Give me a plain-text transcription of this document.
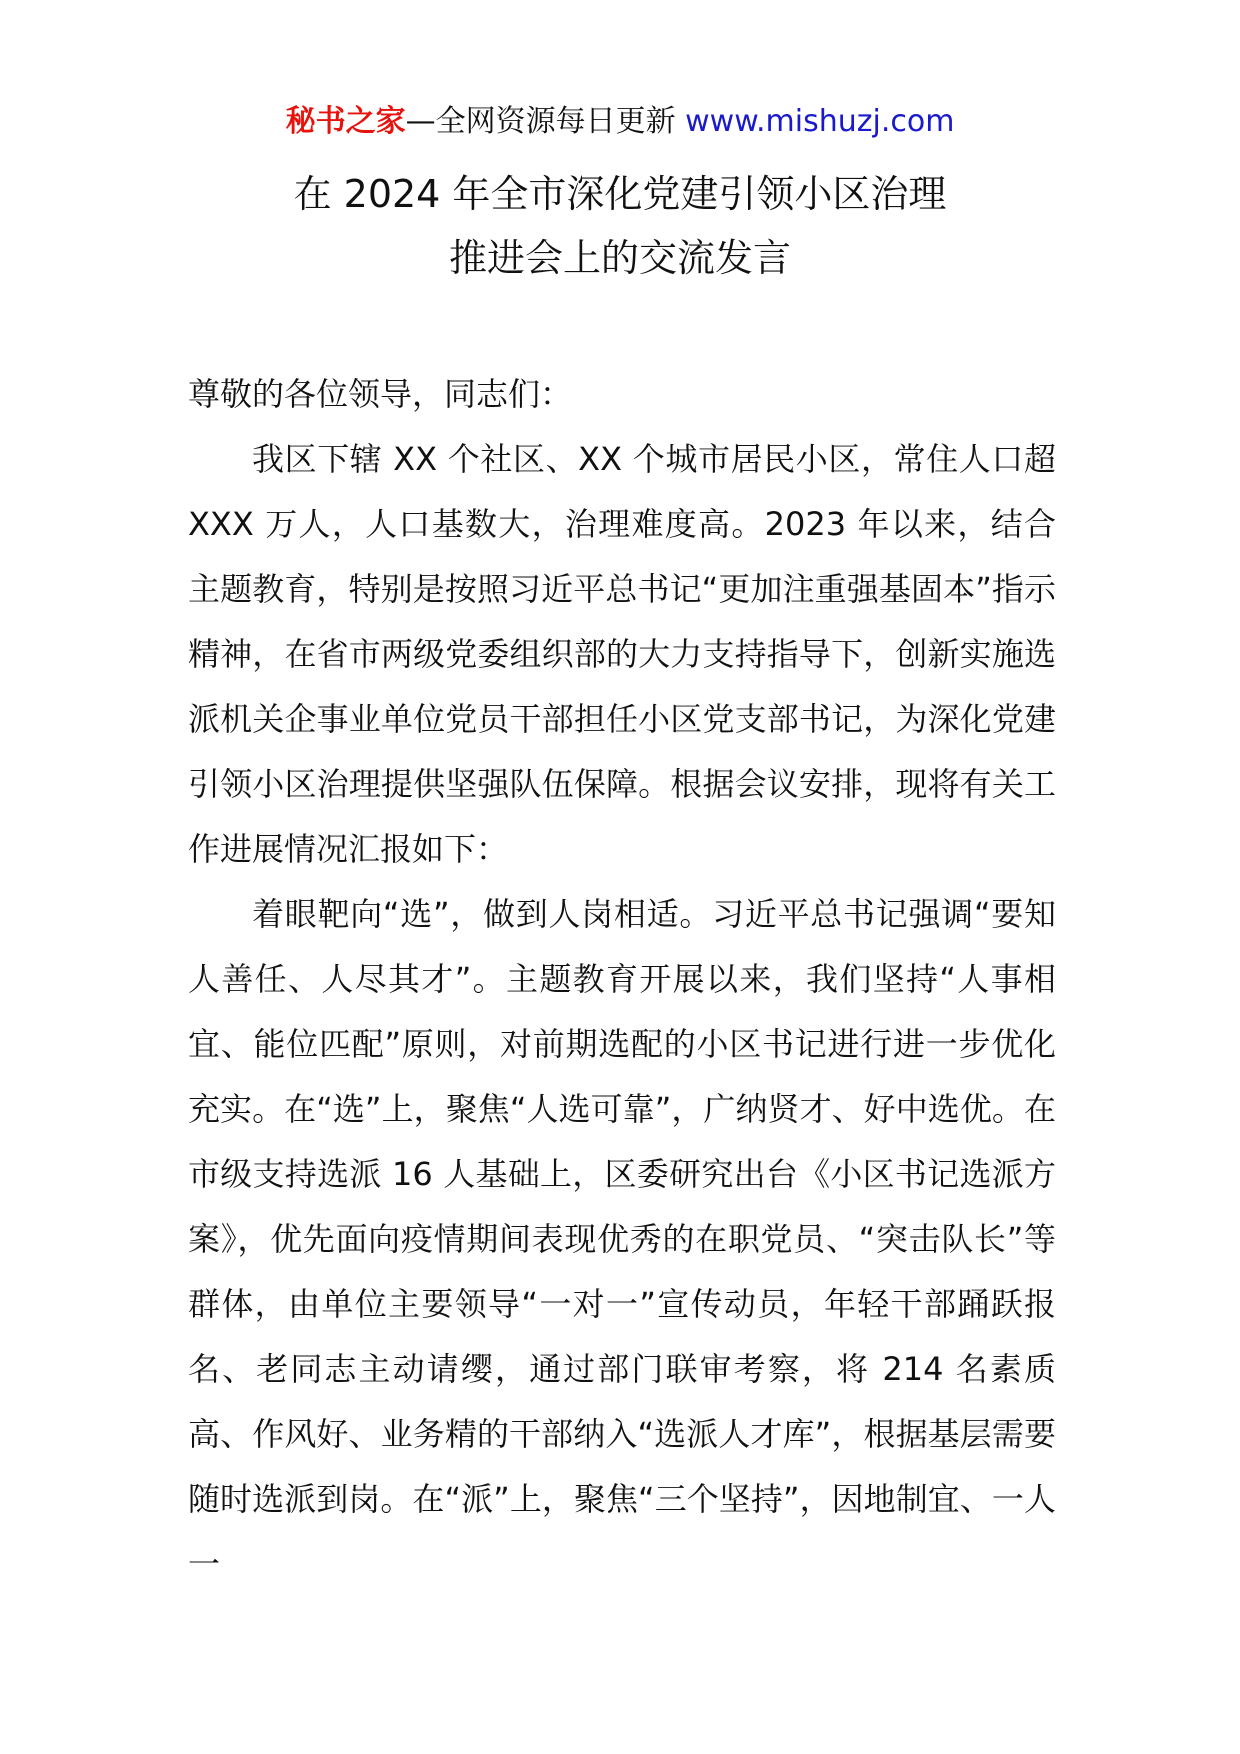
秘书之家—全网资源每日更新 www.mishuzj.com
在 2024 年全市深化党建引领小区治理
推进会上的交流发言

尊敬的各位领导，同志们：

我区下辖 XX 个社区、XX 个城市居民小区，常住人口超 XXX 万人，人口基数大，治理难度高。2023 年以来，结合主题教育，特别是按照习近平总书记“更加注重强基固本”指示精神，在省市两级党委组织部的大力支持指导下，创新实施选派机关企事业单位党员干部担任小区党支部书记，为深化党建引领小区治理提供坚强队伍保障。根据会议安排，现将有关工作进展情况汇报如下：

着眼靶向“选”，做到人岗相适。习近平总书记强调“要知人善任、人尽其才”。主题教育开展以来，我们坚持“人事相宜、能位匹配”原则，对前期选配的小区书记进行进一步优化充实。在“选”上，聚焦“人选可靠”，广纳贤才、好中选优。在市级支持选派 16 人基础上，区委研究出台《小区书记选派方案》，优先面向疫情期间表现优秀的在职党员、“突击队长”等群体，由单位主要领导“一对一”宣传动员，年轻干部踊跃报名、老同志主动请缨，通过部门联审考察，将 214 名素质高、作风好、业务精的干部纳入“选派人才库”，根据基层需要随时选派到岗。在“派”上，聚焦“三个坚持”，因地制宜、一人一
